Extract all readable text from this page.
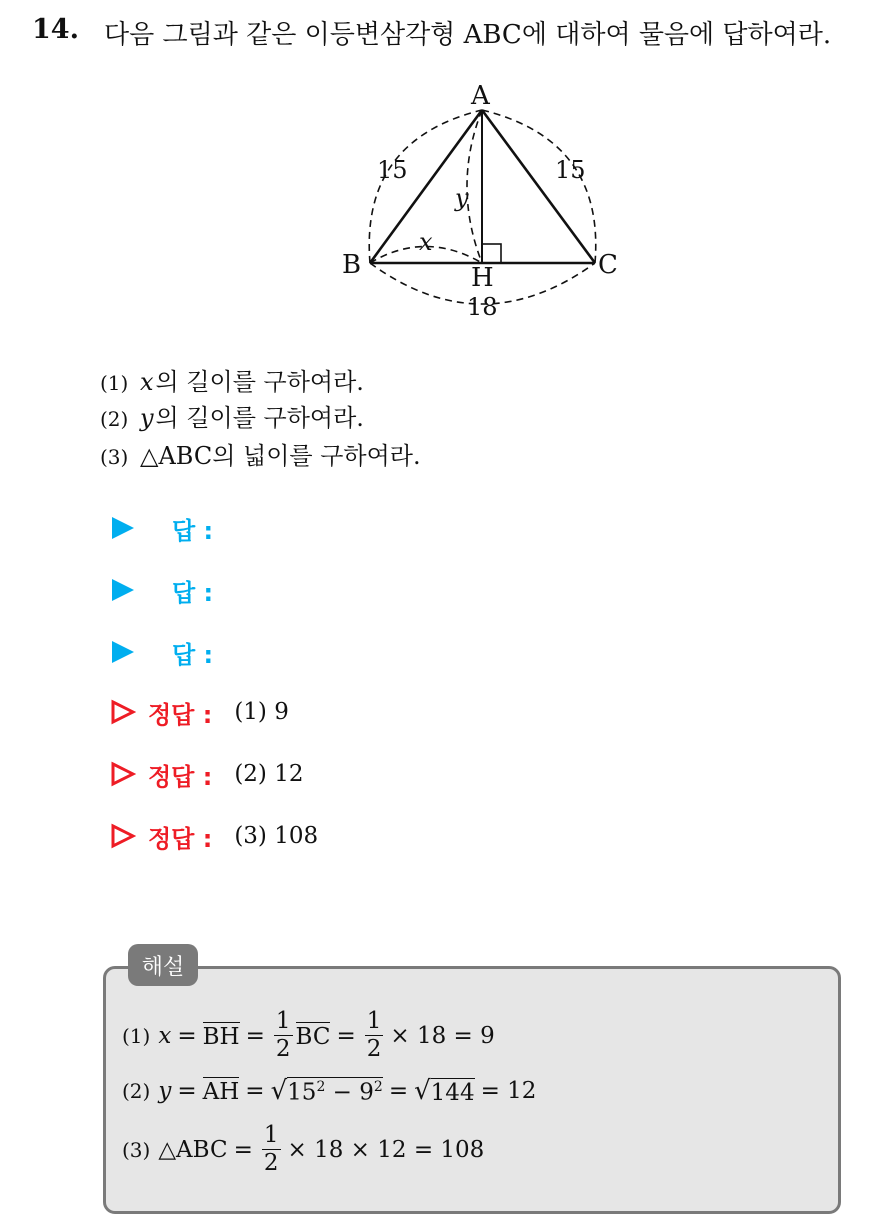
14. 다음 그림과 같은 이등변삼각형 ABC에 대하여 물음에 답하여라.
A
B	C
H
15	15
18
x
y
(1) x의 길이를 구하여라.
(2) y의 길이를 구하여라.
(3) △ABC의 넓이를 구하여라.
답 :
답 :
답 :
정답 : (1) 9
정답 : (2) 12
정답 : (3) 108
해설
(1) x = BH = $\frac{1}{2}$ BC = $\frac{1}{2} \times 18 = 9$
(2) y = AH = √ $15^2 - 9^2$ = √ 144 = 12
(3) △ABC = $\frac{1}{2} \times 18 \times 12 = 108$
